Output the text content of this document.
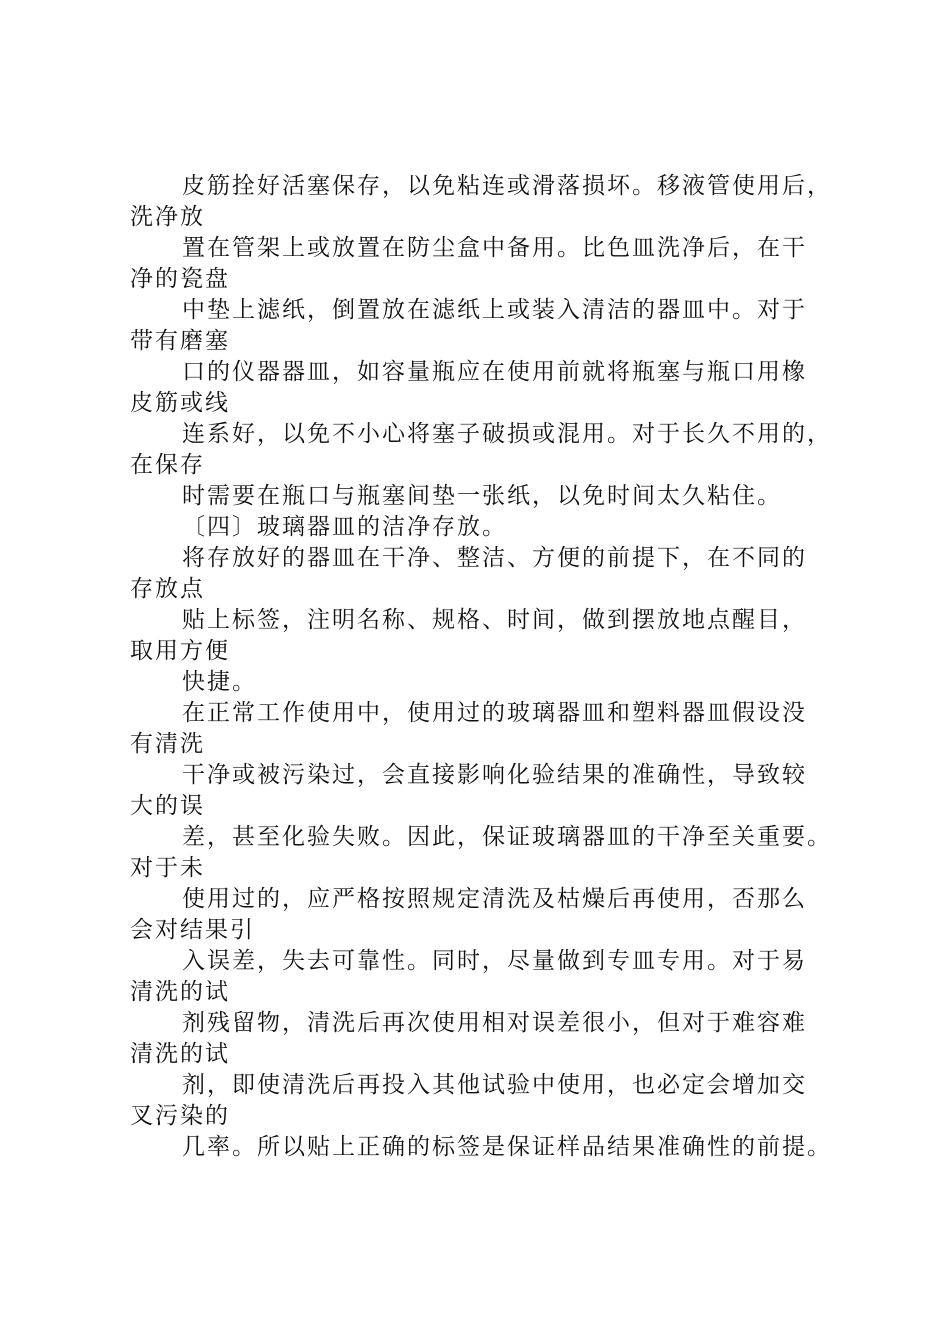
皮筋拴好活塞保存，以免粘连或滑落损坏。移液管使用后，
洗净放
置在管架上或放置在防尘盒中备用。比色皿洗净后，在干
净的瓷盘
中垫上滤纸，倒置放在滤纸上或装入清洁的器皿中。对于
带有磨塞
口的仪器器皿，如容量瓶应在使用前就将瓶塞与瓶口用橡
皮筋或线
连系好，以免不小心将塞子破损或混用。对于长久不用的，
在保存
时需要在瓶口与瓶塞间垫一张纸，以免时间太久粘住。
〔四〕玻璃器皿的洁净存放。
将存放好的器皿在干净、整洁、方便的前提下，在不同的
存放点
贴上标签，注明名称、规格、时间，做到摆放地点醒目，
取用方便
快捷。
在正常工作使用中，使用过的玻璃器皿和塑料器皿假设没
有清洗
干净或被污染过，会直接影响化验结果的准确性，导致较
大的误
差，甚至化验失败。因此，保证玻璃器皿的干净至关重要。
对于未
使用过的，应严格按照规定清洗及枯燥后再使用，否那么
会对结果引
入误差，失去可靠性。同时，尽量做到专皿专用。对于易
清洗的试
剂残留物，清洗后再次使用相对误差很小，但对于难容难
清洗的试
剂，即使清洗后再投入其他试验中使用，也必定会增加交
叉污染的
几率。所以贴上正确的标签是保证样品结果准确性的前提。
